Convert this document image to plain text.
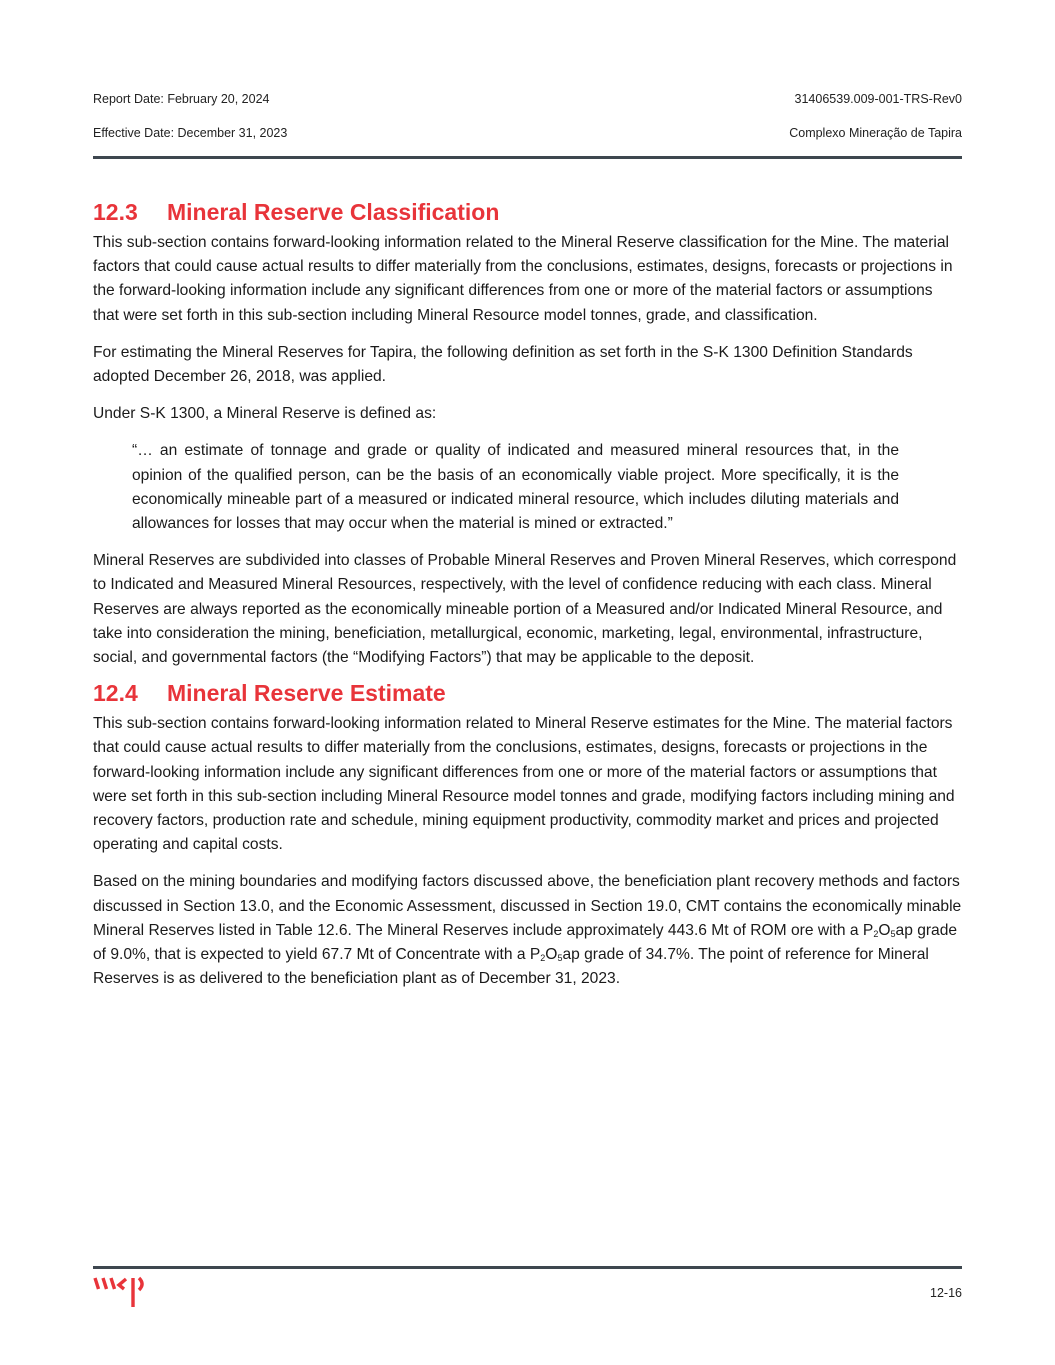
Report Date: February 20, 2024	31406539.009-001-TRS-Rev0
Effective Date: December 31, 2023	Complexo Mineração de Tapira
12.3 Mineral Reserve Classification

This sub-section contains forward-looking information related to the Mineral Reserve classification for the Mine. The material factors that could cause actual results to differ materially from the conclusions, estimates, designs, forecasts or projections in the forward-looking information include any significant differences from one or more of the material factors or assumptions that were set forth in this sub-section including Mineral Resource model tonnes, grade, and classification.

For estimating the Mineral Reserves for Tapira, the following definition as set forth in the S-K 1300 Definition Standards adopted December 26, 2018, was applied.

Under S-K 1300, a Mineral Reserve is defined as:

“… an estimate of tonnage and grade or quality of indicated and measured mineral resources that, in the opinion of the qualified person, can be the basis of an economically viable project. More specifically, it is the economically mineable part of a measured or indicated mineral resource, which includes diluting materials and allowances for losses that may occur when the material is mined or extracted.”

Mineral Reserves are subdivided into classes of Probable Mineral Reserves and Proven Mineral Reserves, which correspond to Indicated and Measured Mineral Resources, respectively, with the level of confidence reducing with each class. Mineral Reserves are always reported as the economically mineable portion of a Measured and/or Indicated Mineral Resource, and take into consideration the mining, beneficiation, metallurgical, economic, marketing, legal, environmental, infrastructure, social, and governmental factors (the “Modifying Factors”) that may be applicable to the deposit.

12.4 Mineral Reserve Estimate

This sub-section contains forward-looking information related to Mineral Reserve estimates for the Mine. The material factors that could cause actual results to differ materially from the conclusions, estimates, designs, forecasts or projections in the forward-looking information include any significant differences from one or more of the material factors or assumptions that were set forth in this sub-section including Mineral Resource model tonnes and grade, modifying factors including mining and recovery factors, production rate and schedule, mining equipment productivity, commodity market and prices and projected operating and capital costs.

Based on the mining boundaries and modifying factors discussed above, the beneficiation plant recovery methods and factors discussed in Section 13.0, and the Economic Assessment, discussed in Section 19.0, CMT contains the economically minable Mineral Reserves listed in Table 12.6. The Mineral Reserves include approximately 443.6 Mt of ROM ore with a $P_2O_5ap$ grade of 9.0%, that is expected to yield 67.7 Mt of Concentrate with a $P_2O_5ap$ grade of 34.7%. The point of reference for Mineral Reserves is as delivered to the beneficiation plant as of December 31, 2023.

12-16
